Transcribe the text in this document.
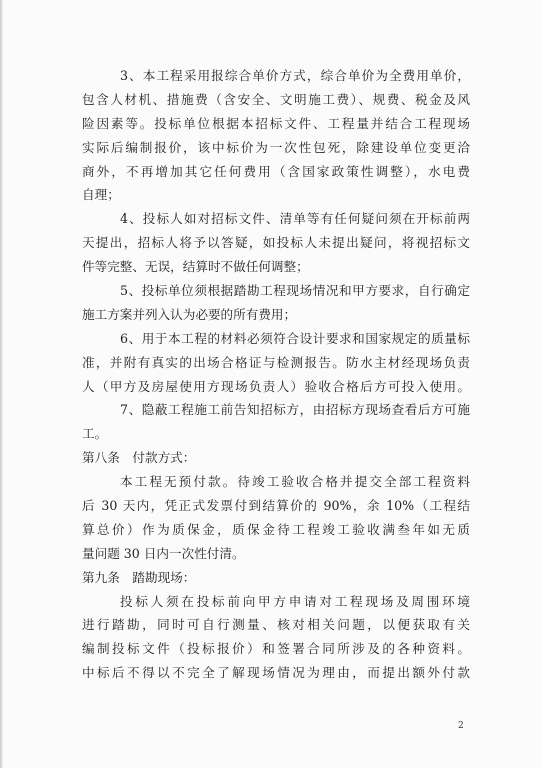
3、本工程采用报综合单价方式，综合单价为全费用单价，
包含人材机、措施费（含安全、文明施工费）、规费、税金及风
险因素等。投标单位根据本招标文件、工程量并结合工程现场
实际后编制报价，该中标价为一次性包死，除建设单位变更洽
商外，不再增加其它任何费用（含国家政策性调整），水电费
自理；
4、投标人如对招标文件、清单等有任何疑问须在开标前两
天提出，招标人将予以答疑，如投标人未提出疑问，将视招标文
件等完整、无误，结算时不做任何调整；
5、投标单位须根据踏勘工程现场情况和甲方要求，自行确定
施工方案并列入认为必要的所有费用；
6、用于本工程的材料必须符合设计要求和国家规定的质量标
准，并附有真实的出场合格证与检测报告。防水主材经现场负责
人（甲方及房屋使用方现场负责人）验收合格后方可投入使用。
7、隐蔽工程施工前告知招标方，由招标方现场查看后方可施
工。
第八条　付款方式：
本工程无预付款。待竣工验收合格并提交全部工程资料
后 30 天内，凭正式发票付到结算价的 90%，余 10%（工程结
算总价）作为质保金，质保金待工程竣工验收满叁年如无质
量问题 30 日内一次性付清。
第九条　踏勘现场：
投标人须在投标前向甲方申请对工程现场及周围环境
进行踏勘，同时可自行测量、核对相关问题，以便获取有关
编制投标文件（投标报价）和签署合同所涉及的各种资料。
中标后不得以不完全了解现场情况为理由，而提出额外付款
2
